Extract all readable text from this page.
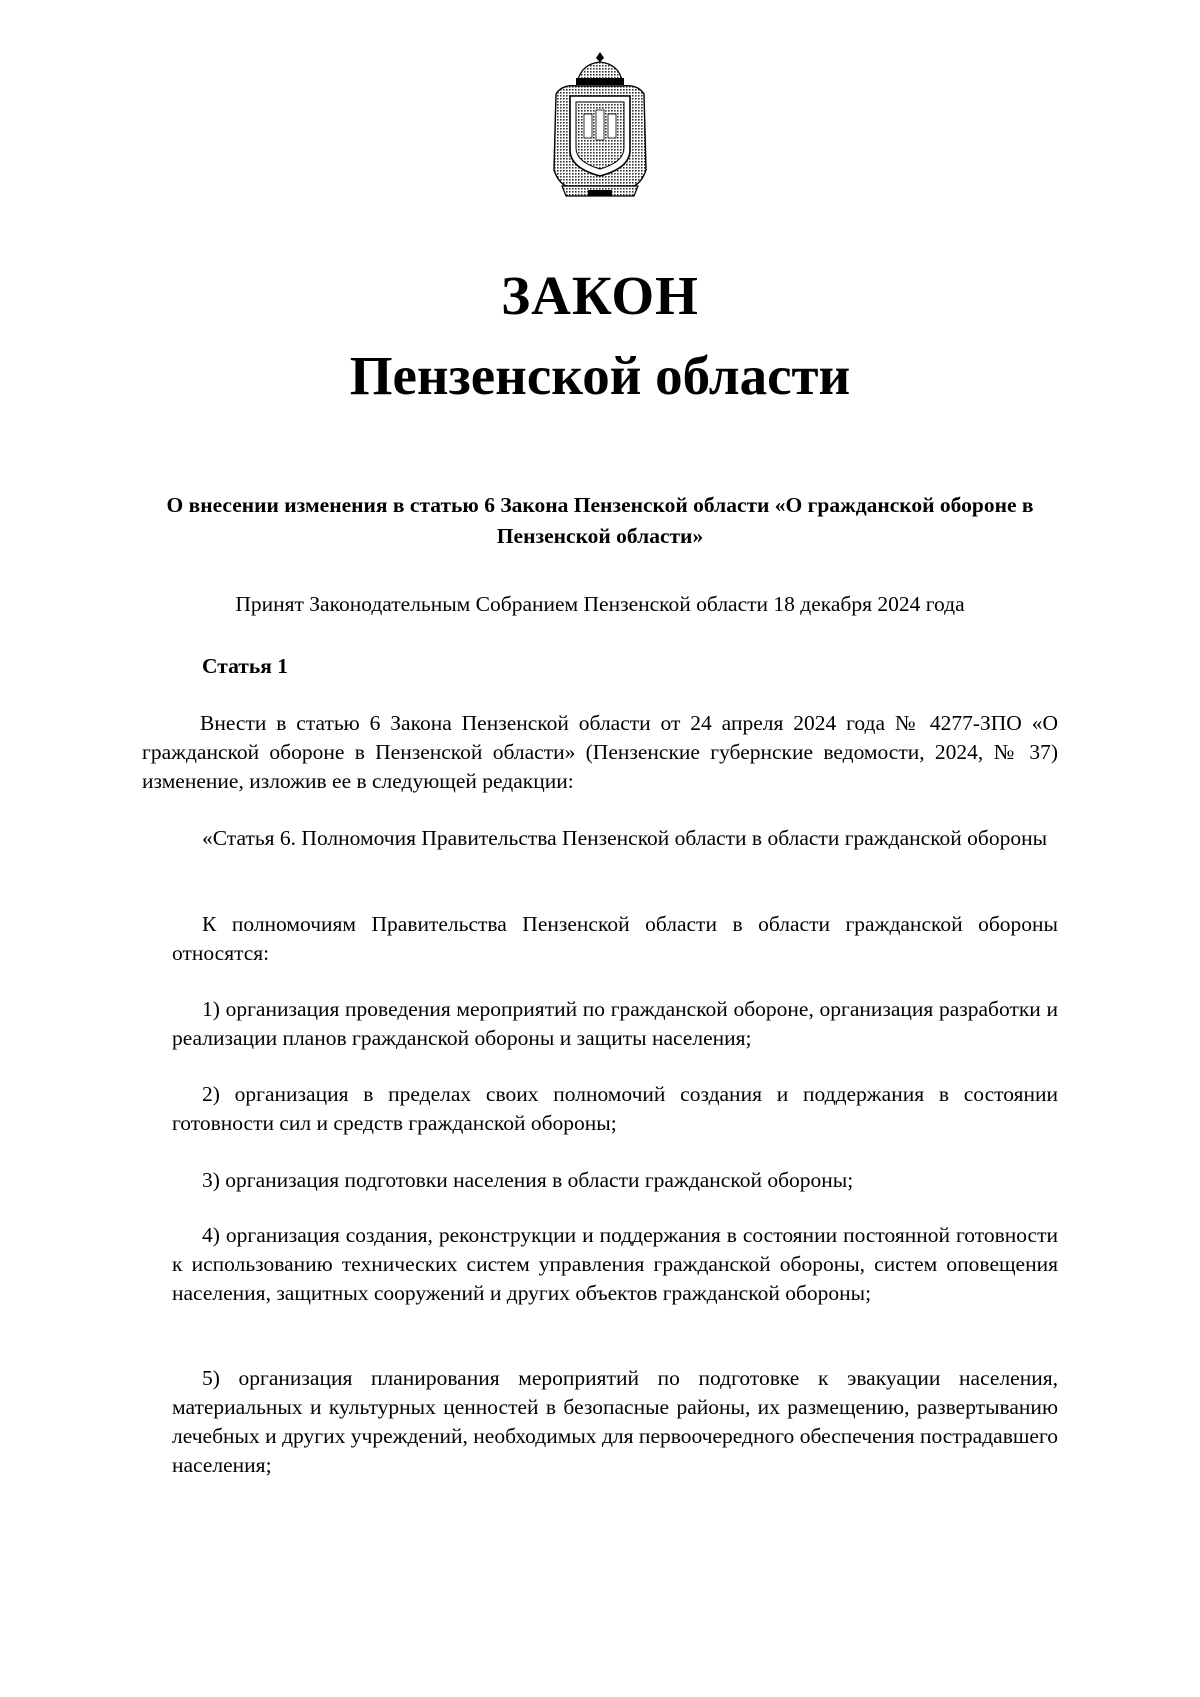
ЗАКОН
Пензенской области
О внесении изменения в статью 6 Закона Пензенской области «О гражданской обороне в Пензенской области»
Принят Законодательным Собранием Пензенской области 18 декабря 2024 года
Статья 1

Внести в статью 6 Закона Пензенской области от 24 апреля 2024 года № 4277-ЗПО «О гражданской обороне в Пензенской области» (Пензенские губернские ведомости, 2024, № 37) изменение, изложив ее в следующей редакции:

«Статья 6. Полномочия Правительства Пензенской области в области гражданской обороны

К полномочиям Правительства Пензенской области в области гражданской обороны относятся:

1) организация проведения мероприятий по гражданской обороне, организация разработки и реализации планов гражданской обороны и защиты населения;

2) организация в пределах своих полномочий создания и поддержания в состоянии готовности сил и средств гражданской обороны;

3) организация подготовки населения в области гражданской обороны;

4) организация создания, реконструкции и поддержания в состоянии постоянной готовности к использованию технических систем управления гражданской обороны, систем оповещения населения, защитных сооружений и других объектов гражданской обороны;

5) организация планирования мероприятий по подготовке к эвакуации населения, материальных и культурных ценностей в безопасные районы, их размещению, развертыванию лечебных и других учреждений, необходимых для первоочередного обеспечения пострадавшего населения;
